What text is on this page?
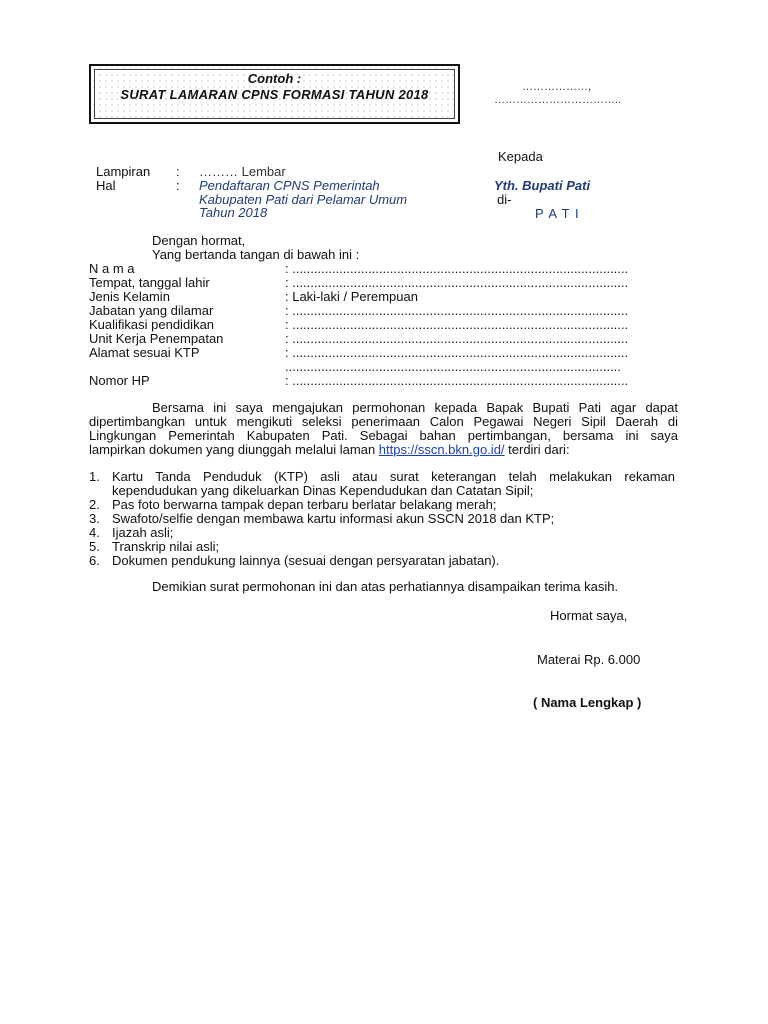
Contoh :
SURAT LAMARAN CPNS FORMASI TAHUN 2018	………………,
……………………………..
Kepada
Yth. Bupati Pati
di-
P A T I
Lampiran : ……… Lembar
Hal	: Pendaftaran CPNS Pemerintah
Kabupaten Pati dari Pelamar Umum
Tahun 2018
Dengan hormat,
Yang bertanda tangan di bawah ini :
N a m a	: .............................................................................................
Tempat, tanggal lahir	: .............................................................................................
Jenis Kelamin	: Laki-laki / Perempuan
Jabatan yang dilamar	: .............................................................................................
Kualifikasi pendidikan	: .............................................................................................
Unit Kerja Penempatan	: .............................................................................................
Alamat sesuai KTP	: .............................................................................................
.............................................................................................
Nomor HP	: .............................................................................................
Bersama ini saya mengajukan permohonan kepada Bapak Bupati Pati agar dapat
dipertimbangkan untuk mengikuti seleksi penerimaan Calon Pegawai Negeri Sipil Daerah di
Lingkungan Pemerintah Kabupaten Pati. Sebagai bahan pertimbangan, bersama ini saya
lampirkan dokumen yang diunggah melalui laman https://sscn.bkn.go.id/ terdiri dari:
1. Kartu Tanda Penduduk (KTP) asli atau surat keterangan telah melakukan rekaman
kependudukan yang dikeluarkan Dinas Kependudukan dan Catatan Sipil;
2. Pas foto berwarna tampak depan terbaru berlatar belakang merah;
3. Swafoto/selfie dengan membawa kartu informasi akun SSCN 2018 dan KTP;
4. Ijazah asli;
5. Transkrip nilai asli;
6. Dokumen pendukung lainnya (sesuai dengan persyaratan jabatan).
Demikian surat permohonan ini dan atas perhatiannya disampaikan terima kasih.
Hormat saya,
Materai Rp. 6.000
( Nama Lengkap )
